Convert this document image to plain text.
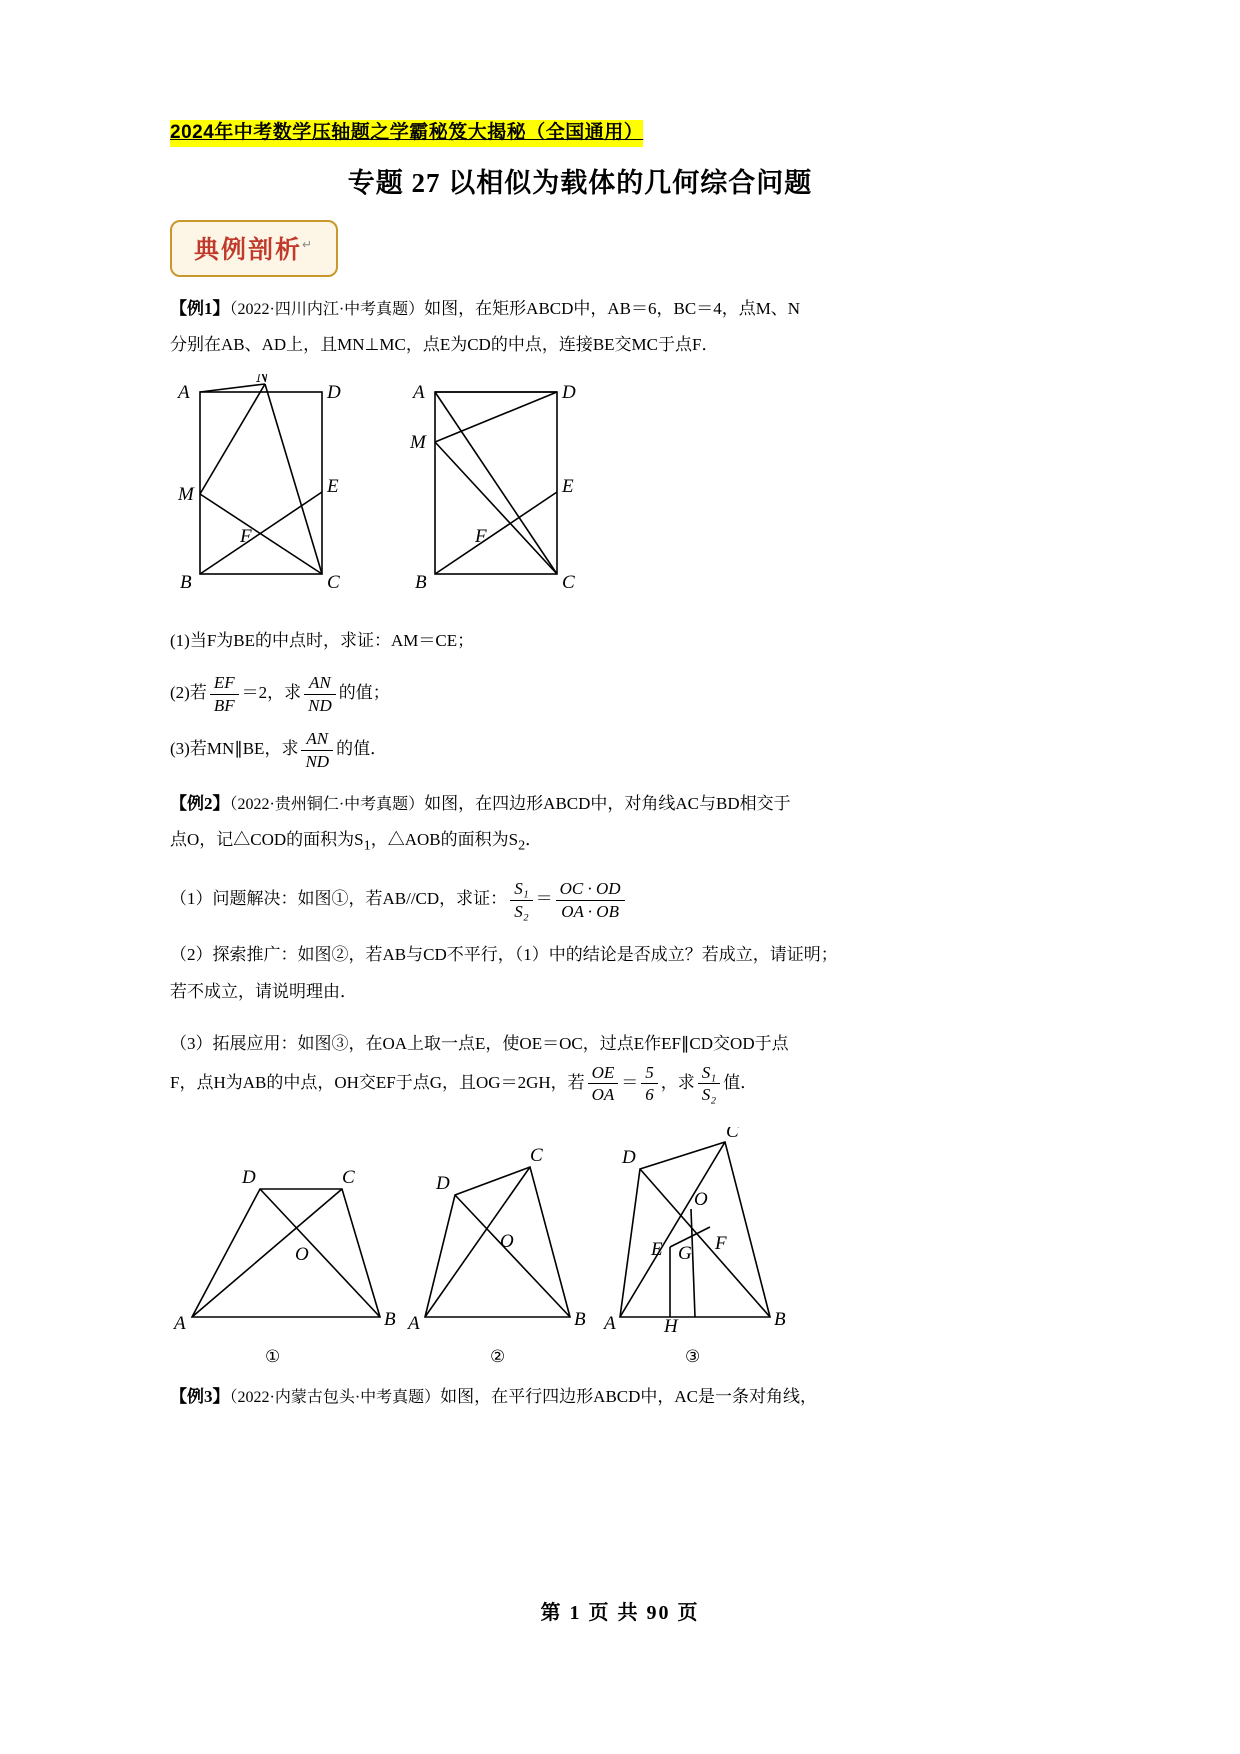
2024年中考数学压轴题之学霸秘笈大揭秘（全国通用）
专题 27 以相似为载体的几何综合问题
典例剖析↵

【例1】（2022·四川内江·中考真题）如图，在矩形ABCD中，AB＝6，BC＝4，点M、N
分别在AB、AD上，且MN⊥MC，点E为CD的中点，连接BE交MC于点F．

A
N
D
M	E
F
B	C
A	D
M
E
F
B	C

(1)当F为BE的中点时，求证：AM＝CE；

(2)若 $\frac{EF}{BF} =2$，求 $\frac{AN}{ND}$ 的值；

(3)若MN∥BE，求 $\frac{AN}{ND}$ 的值．

【例2】（2022·贵州铜仁·中考真题）如图，在四边形ABCD中，对角线AC与BD相交于
点O，记△COD的面积为$S_1$，△AOB的面积为$S_2$．

（1）问题解决：如图①，若AB//CD，求证： $\frac{\text{S₁}}{\text{S₂}} = \frac{OC \cdot OD}{OA \cdot OB}$

（2）探索推广：如图②，若AB与CD不平行，（1）中的结论是否成立？若成立，请证明；
若不成立，请说明理由．

（3）拓展应用：如图③，在OA上取一点E，使OE＝OC，过点E作EF∥CD交OD于点
F，点H为AB的中点，OH交EF于点G，且OG＝2GH，若 $\frac{OE}{OA} = \frac{5}{6}$ ，求 $\frac{\text{S₁}}{\text{S₂}}$ 值．

D	C
O
A	B
D
C
O
A	B
D
C
O
F
E G
A	H	B
①	②	③

【例3】（2022·内蒙古包头·中考真题）如图，在平行四边形ABCD中，AC是一条对角线，

第 1 页 共 90 页
